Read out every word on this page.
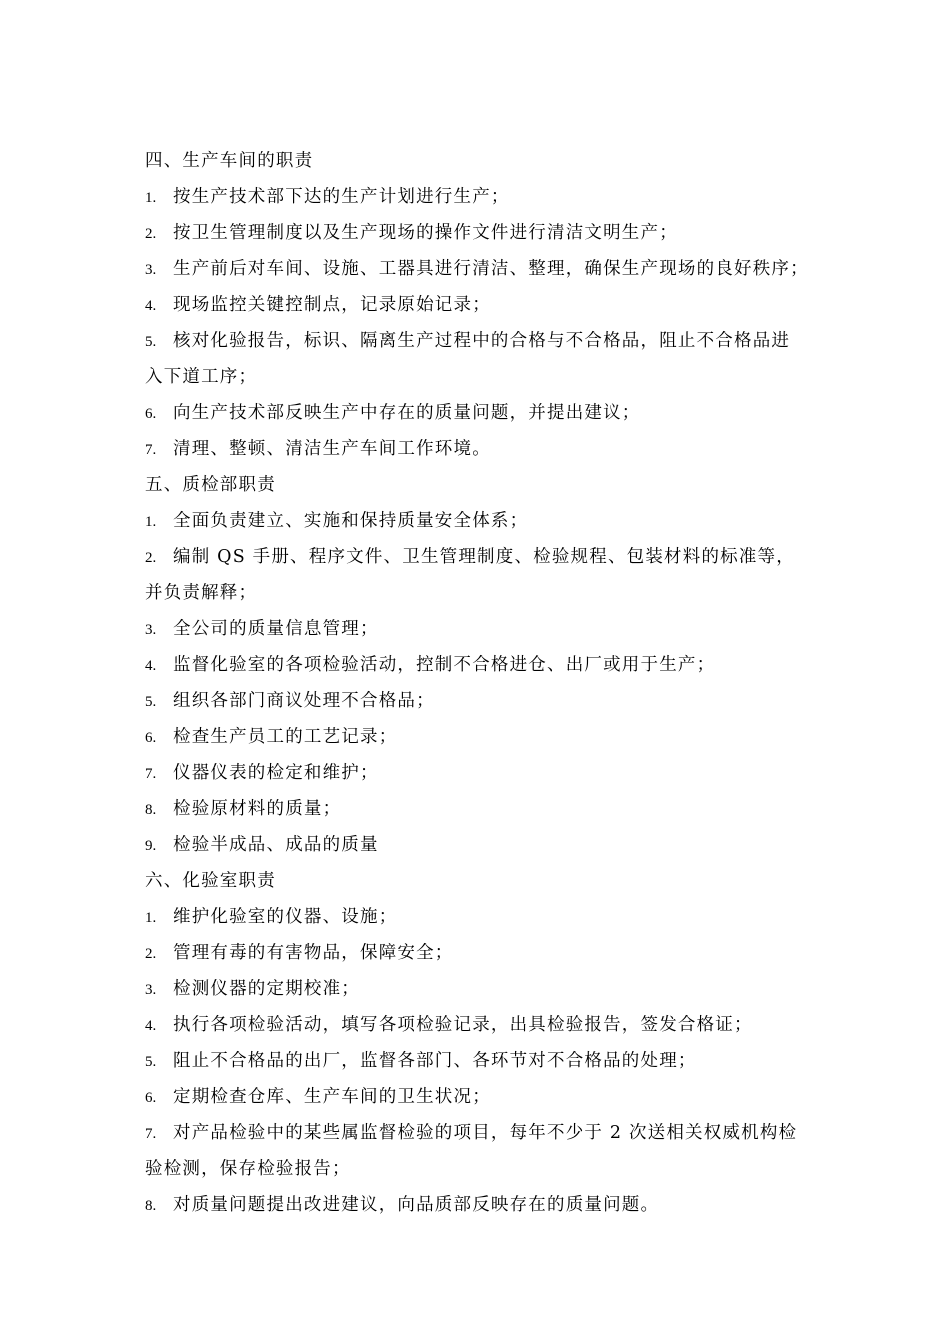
四、生产车间的职责
1. 按生产技术部下达的生产计划进行生产；
2. 按卫生管理制度以及生产现场的操作文件进行清洁文明生产；
3. 生产前后对车间、设施、工器具进行清洁、整理，确保生产现场的良好秩序；
4. 现场监控关键控制点，记录原始记录；
5. 核对化验报告，标识、隔离生产过程中的合格与不合格品，阻止不合格品进
入下道工序；
6. 向生产技术部反映生产中存在的质量问题，并提出建议；
7. 清理、整顿、清洁生产车间工作环境。
五、质检部职责
1. 全面负责建立、实施和保持质量安全体系；
2. 编制 QS 手册、程序文件、卫生管理制度、检验规程、包装材料的标准等，
并负责解释；
3. 全公司的质量信息管理；
4. 监督化验室的各项检验活动，控制不合格进仓、出厂或用于生产；
5. 组织各部门商议处理不合格品；
6. 检查生产员工的工艺记录；
7. 仪器仪表的检定和维护；
8. 检验原材料的质量；
9. 检验半成品、成品的质量
六、化验室职责
1. 维护化验室的仪器、设施；
2. 管理有毒的有害物品，保障安全；
3. 检测仪器的定期校准；
4. 执行各项检验活动，填写各项检验记录，出具检验报告，签发合格证；
5. 阻止不合格品的出厂，监督各部门、各环节对不合格品的处理；
6. 定期检查仓库、生产车间的卫生状况；
7. 对产品检验中的某些属监督检验的项目，每年不少于 2 次送相关权威机构检
验检测，保存检验报告；
8. 对质量问题提出改进建议，向品质部反映存在的质量问题。
